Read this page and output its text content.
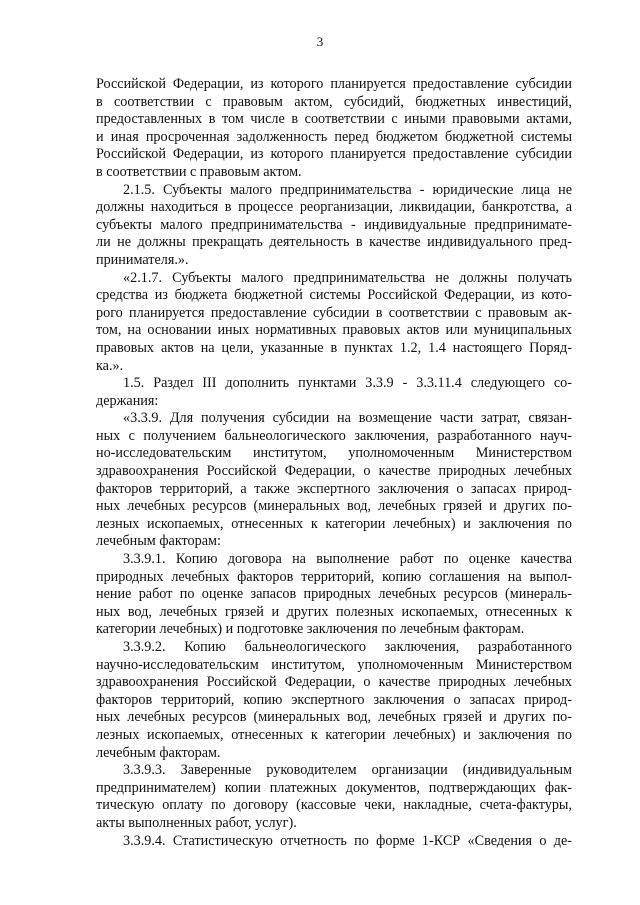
3
Российской Федерации, из которого планируется предоставление субсидии
в соответствии с правовым актом, субсидий, бюджетных инвестиций,
предоставленных в том числе в соответствии с иными правовыми актами,
и иная просроченная задолженность перед бюджетом бюджетной системы
Российской Федерации, из которого планируется предоставление субсидии
в соответствии с правовым актом.
2.1.5. Субъекты малого предпринимательства - юридические лица не
должны находиться в процессе реорганизации, ликвидации, банкротства, а
субъекты малого предпринимательства - индивидуальные предпринимате-
ли не должны прекращать деятельность в качестве индивидуального пред-
принимателя.».
«2.1.7. Субъекты малого предпринимательства не должны получать
средства из бюджета бюджетной системы Российской Федерации, из кото-
рого планируется предоставление субсидии в соответствии с правовым ак-
том, на основании иных нормативных правовых актов или муниципальных
правовых актов на цели, указанные в пунктах 1.2, 1.4 настоящего Поряд-
ка.».
1.5. Раздел III дополнить пунктами 3.3.9 - 3.3.11.4 следующего со-
держания:
«3.3.9. Для получения субсидии на возмещение части затрат, связан-
ных с получением бальнеологического заключения, разработанного науч-
но-исследовательским институтом, уполномоченным Министерством
здравоохранения Российской Федерации, о качестве природных лечебных
факторов территорий, а также экспертного заключения о запасах природ-
ных лечебных ресурсов (минеральных вод, лечебных грязей и других по-
лезных ископаемых, отнесенных к категории лечебных) и заключения по
лечебным факторам:
3.3.9.1. Копию договора на выполнение работ по оценке качества
природных лечебных факторов территорий, копию соглашения на выпол-
нение работ по оценке запасов природных лечебных ресурсов (минераль-
ных вод, лечебных грязей и других полезных ископаемых, отнесенных к
категории лечебных) и подготовке заключения по лечебным факторам.
3.3.9.2. Копию бальнеологического заключения, разработанного
научно-исследовательским институтом, уполномоченным Министерством
здравоохранения Российской Федерации, о качестве природных лечебных
факторов территорий, копию экспертного заключения о запасах природ-
ных лечебных ресурсов (минеральных вод, лечебных грязей и других по-
лезных ископаемых, отнесенных к категории лечебных) и заключения по
лечебным факторам.
3.3.9.3. Заверенные руководителем организации (индивидуальным
предпринимателем) копии платежных документов, подтверждающих фак-
тическую оплату по договору (кассовые чеки, накладные, счета-фактуры,
акты выполненных работ, услуг).
3.3.9.4. Статистическую отчетность по форме 1-КСР «Сведения о де-
